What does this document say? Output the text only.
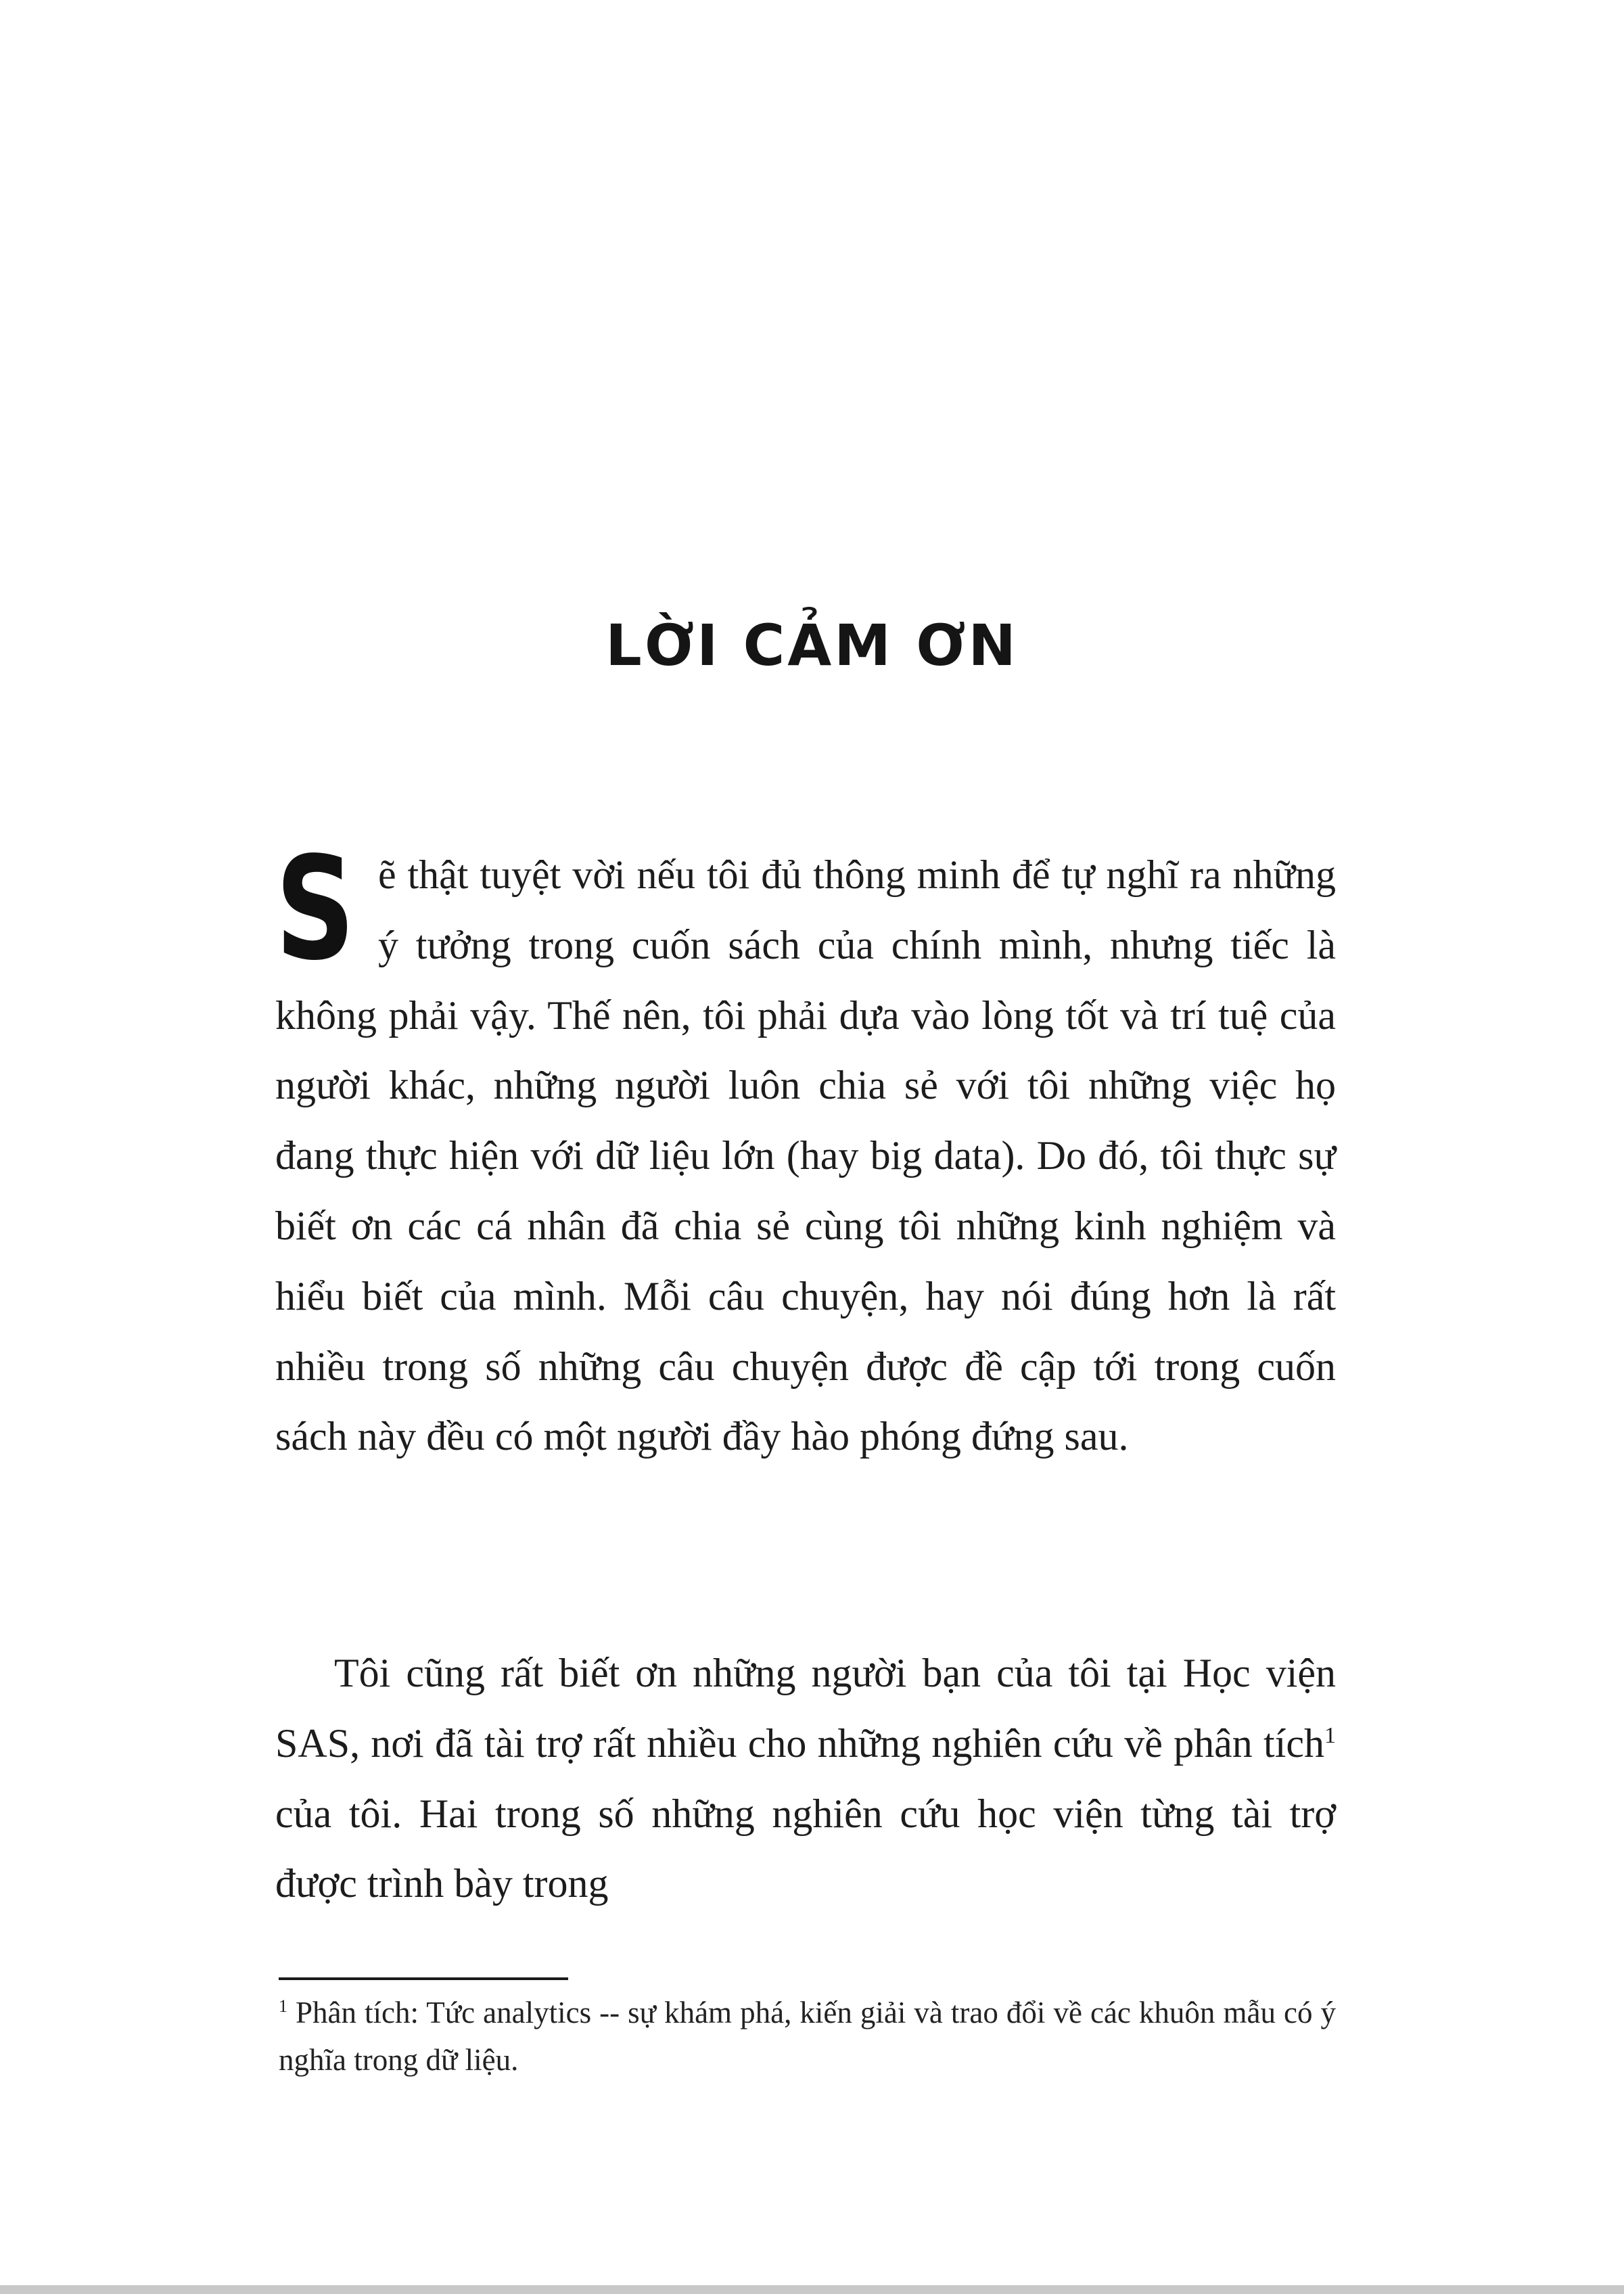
LỜI CẢM ƠN

Sẽ thật tuyệt vời nếu tôi đủ thông minh để tự nghĩ ra những ý tưởng trong cuốn sách của chính mình, nhưng tiếc là không phải vậy. Thế nên, tôi phải dựa vào lòng tốt và trí tuệ của người khác, những người luôn chia sẻ với tôi những việc họ đang thực hiện với dữ liệu lớn (hay big data). Do đó, tôi thực sự biết ơn các cá nhân đã chia sẻ cùng tôi những kinh nghiệm và hiểu biết của mình. Mỗi câu chuyện, hay nói đúng hơn là rất nhiều trong số những câu chuyện được đề cập tới trong cuốn sách này đều có một người đầy hào phóng đứng sau.

Tôi cũng rất biết ơn những người bạn của tôi tại Học viện SAS, nơi đã tài trợ rất nhiều cho những nghiên cứu về phân tích$^1$ của tôi. Hai trong số những nghiên cứu học viện từng tài trợ được trình bày trong

$^1$ Phân tích: Tức analytics -- sự khám phá, kiến giải và trao đổi về các khuôn mẫu có ý nghĩa trong dữ liệu.
